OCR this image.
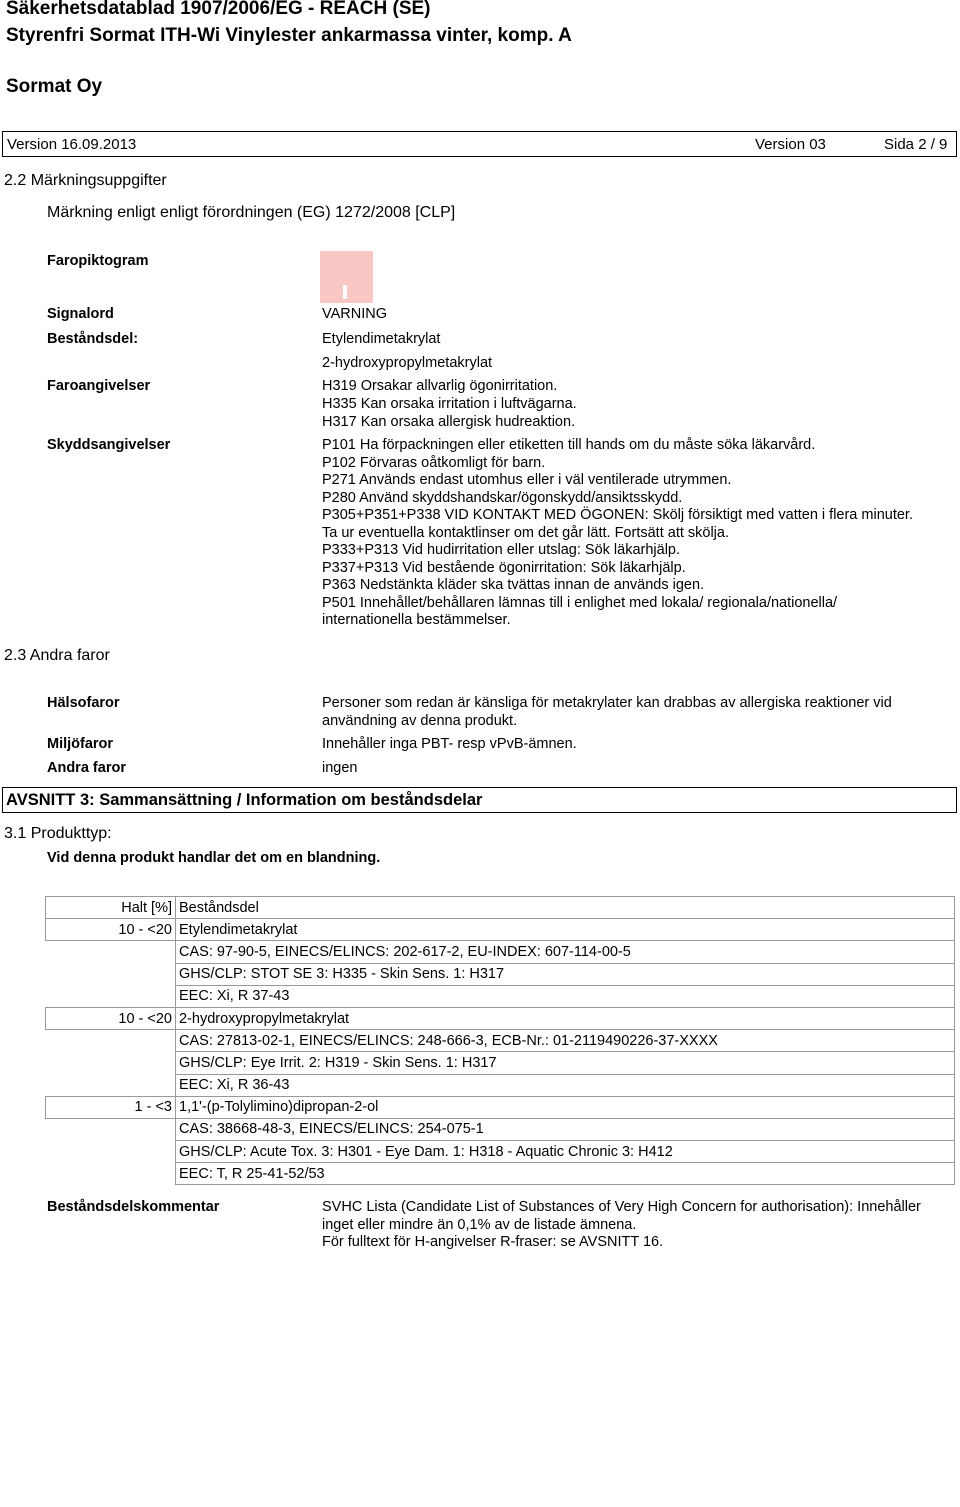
Säkerhetsdatablad 1907/2006/EG - REACH (SE)
Styrenfri Sormat ITH-Wi Vinylester ankarmassa vinter, komp. A
Sormat Oy
Version 16.09.2013	Version 03	Sida 2 / 9
2.2 Märkningsuppgifter
Märkning enligt enligt förordningen (EG) 1272/2008 [CLP]
Faropiktogram
Signalord	VARNING
Beståndsdel:	Etylendimetakrylat
2-hydroxypropylmetakrylat
Faroangivelser	H319 Orsakar allvarlig ögonirritation.
H335 Kan orsaka irritation i luftvägarna.
H317 Kan orsaka allergisk hudreaktion.
Skyddsangivelser	P101 Ha förpackningen eller etiketten till hands om du måste söka läkarvård.
P102 Förvaras oåtkomligt för barn.
P271 Används endast utomhus eller i väl ventilerade utrymmen.
P280 Använd skyddshandskar/ögonskydd/ansiktsskydd.
P305+P351+P338 VID KONTAKT MED ÖGONEN: Skölj försiktigt med vatten i flera minuter.
Ta ur eventuella kontaktlinser om det går lätt. Fortsätt att skölja.
P333+P313 Vid hudirritation eller utslag: Sök läkarhjälp.
P337+P313 Vid bestående ögonirritation: Sök läkarhjälp.
P363 Nedstänkta kläder ska tvättas innan de används igen.
P501 Innehållet/behållaren lämnas till i enlighet med lokala/ regionala/nationella/
internationella bestämmelser.
2.3 Andra faror
Hälsofaror	Personer som redan är känsliga för metakrylater kan drabbas av allergiska reaktioner vid
användning av denna produkt.
Miljöfaror	Innehåller inga PBT- resp vPvB-ämnen.
Andra faror	ingen
AVSNITT 3: Sammansättning / Information om beståndsdelar
3.1 Produkttyp:
Vid denna produkt handlar det om en blandning.
Halt [%]	Beståndsdel
10 - <20	Etylendimetakrylat
	CAS: 97-90-5, EINECS/ELINCS: 202-617-2, EU-INDEX: 607-114-00-5
	GHS/CLP: STOT SE 3: H335 - Skin Sens. 1: H317
	EEC: Xi, R 37-43
10 - <20	2-hydroxypropylmetakrylat
	CAS: 27813-02-1, EINECS/ELINCS: 248-666-3, ECB-Nr.: 01-2119490226-37-XXXX
	GHS/CLP: Eye Irrit. 2: H319 - Skin Sens. 1: H317
	EEC: Xi, R 36-43
1 - <3	1,1'-(p-Tolylimino)dipropan-2-ol
	CAS: 38668-48-3, EINECS/ELINCS: 254-075-1
	GHS/CLP: Acute Tox. 3: H301 - Eye Dam. 1: H318 - Aquatic Chronic 3: H412
	EEC: T, R 25-41-52/53
Beståndsdelskommentar	SVHC Lista (Candidate List of Substances of Very High Concern for authorisation): Innehåller
inget eller mindre än 0,1% av de listade ämnena.
För fulltext för H-angivelser R-fraser: se AVSNITT 16.
